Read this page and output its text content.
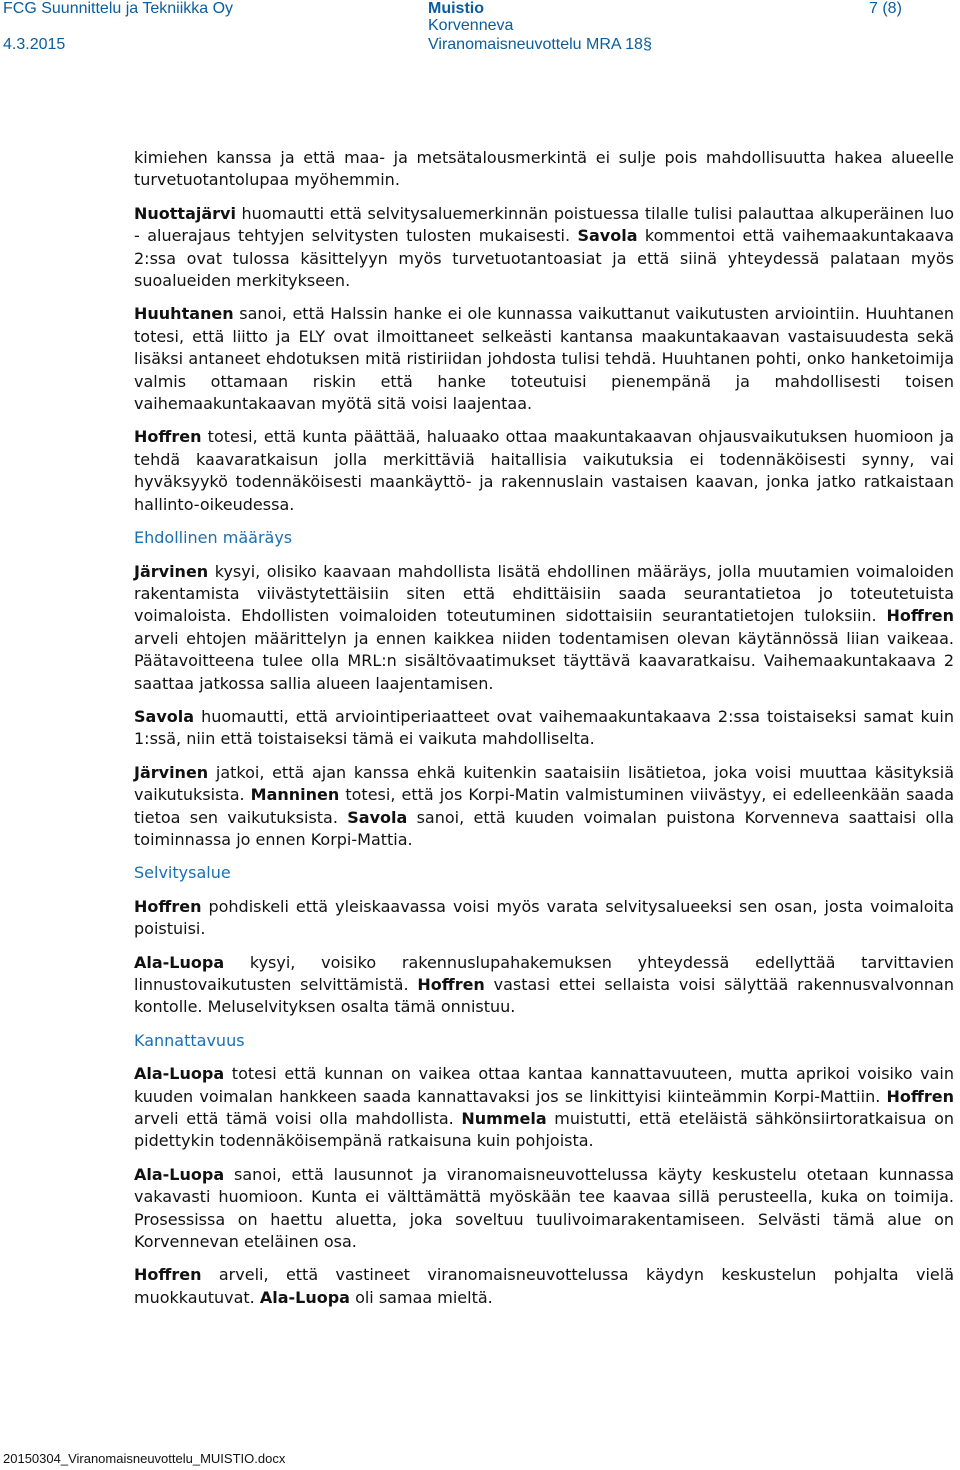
FCG Suunnittelu ja Tekniikka Oy
4.3.2015
Muistio
Korvenneva
Viranomaisneuvottelu MRA 18§
7 (8)
kimiehen kanssa ja että maa- ja metsätalousmerkintä ei sulje pois mahdollisuutta hakea alueelle turvetuotantolupaa myöhemmin.
Nuottajärvi huomautti että selvitysaluemerkinnän poistuessa tilalle tulisi palauttaa alkuperäinen luo - aluerajaus tehtyjen selvitysten tulosten mukaisesti. Savola kommentoi että vaihemaakuntakaava 2:ssa ovat tulossa käsittelyyn myös turvetuotantoasiat ja että siinä yhteydessä palataan myös suoalueiden merkitykseen.
Huuhtanen sanoi, että Halssin hanke ei ole kunnassa vaikuttanut vaikutusten arviointiin. Huuhtanen totesi, että liitto ja ELY ovat ilmoittaneet selkeästi kantansa maakuntakaavan vastaisuudesta sekä lisäksi antaneet ehdotuksen mitä ristiriidan johdosta tulisi tehdä. Huuhtanen pohti, onko hanketoimija valmis ottamaan riskin että hanke toteutuisi pienempänä ja mahdollisesti toisen vaihemaakuntakaavan myötä sitä voisi laajentaa.
Hoffren totesi, että kunta päättää, haluaako ottaa maakuntakaavan ohjausvaikutuksen huomioon ja tehdä kaavaratkaisun jolla merkittäviä haitallisia vaikutuksia ei todennäköisesti synny, vai hyväksyykö todennäköisesti maankäyttö- ja rakennuslain vastaisen kaavan, jonka jatko ratkaistaan hallinto-oikeudessa.
Ehdollinen määräys
Järvinen kysyi, olisiko kaavaan mahdollista lisätä ehdollinen määräys, jolla muutamien voimaloiden rakentamista viivästytettäisiin siten että ehdittäisiin saada seurantatietoa jo toteutetuista voimaloista. Ehdollisten voimaloiden toteutuminen sidottaisiin seurantatietojen tuloksiin. Hoffren arveli ehtojen määrittelyn ja ennen kaikkea niiden todentamisen olevan käytännössä liian vaikeaa. Päätavoitteena tulee olla MRL:n sisältövaatimukset täyttävä kaavaratkaisu. Vaihemaakuntakaava 2 saattaa jatkossa sallia alueen laajentamisen.
Savola huomautti, että arviointiperiaatteet ovat vaihemaakuntakaava 2:ssa toistaiseksi samat kuin 1:ssä, niin että toistaiseksi tämä ei vaikuta mahdolliselta.
Järvinen jatkoi, että ajan kanssa ehkä kuitenkin saataisiin lisätietoa, joka voisi muuttaa käsityksiä vaikutuksista. Manninen totesi, että jos Korpi-Matin valmistuminen viivästyy, ei edelleenkään saada tietoa sen vaikutuksista. Savola sanoi, että kuuden voimalan puistona Korvenneva saattaisi olla toiminnassa jo ennen Korpi-Mattia.
Selvitysalue
Hoffren pohdiskeli että yleiskaavassa voisi myös varata selvitysalueeksi sen osan, josta voimaloita poistuisi.
Ala-Luopa kysyi, voisiko rakennuslupahakemuksen yhteydessä edellyttää tarvittavien linnustovaikutusten selvittämistä. Hoffren vastasi ettei sellaista voisi sälyttää rakennusvalvonnan kontolle. Meluselvityksen osalta tämä onnistuu.
Kannattavuus
Ala-Luopa totesi että kunnan on vaikea ottaa kantaa kannattavuuteen, mutta aprikoi voisiko vain kuuden voimalan hankkeen saada kannattavaksi jos se linkittyisi kiinteämmin Korpi-Mattiin. Hoffren arveli että tämä voisi olla mahdollista. Nummela muistutti, että eteläistä sähkönsiirtoratkaisua on pidettykin todennäköisempänä ratkaisuna kuin pohjoista.
Ala-Luopa sanoi, että lausunnot ja viranomaisneuvottelussa käyty keskustelu otetaan kunnassa vakavasti huomioon. Kunta ei välttämättä myöskään tee kaavaa sillä perusteella, kuka on toimija. Prosessissa on haettu aluetta, joka soveltuu tuulivoimarakentamiseen. Selvästi tämä alue on Korvennevan eteläinen osa.
Hoffren arveli, että vastineet viranomaisneuvottelussa käydyn keskustelun pohjalta vielä muokkautuvat. Ala-Luopa oli samaa mieltä.
20150304_Viranomaisneuvottelu_MUISTIO.docx
